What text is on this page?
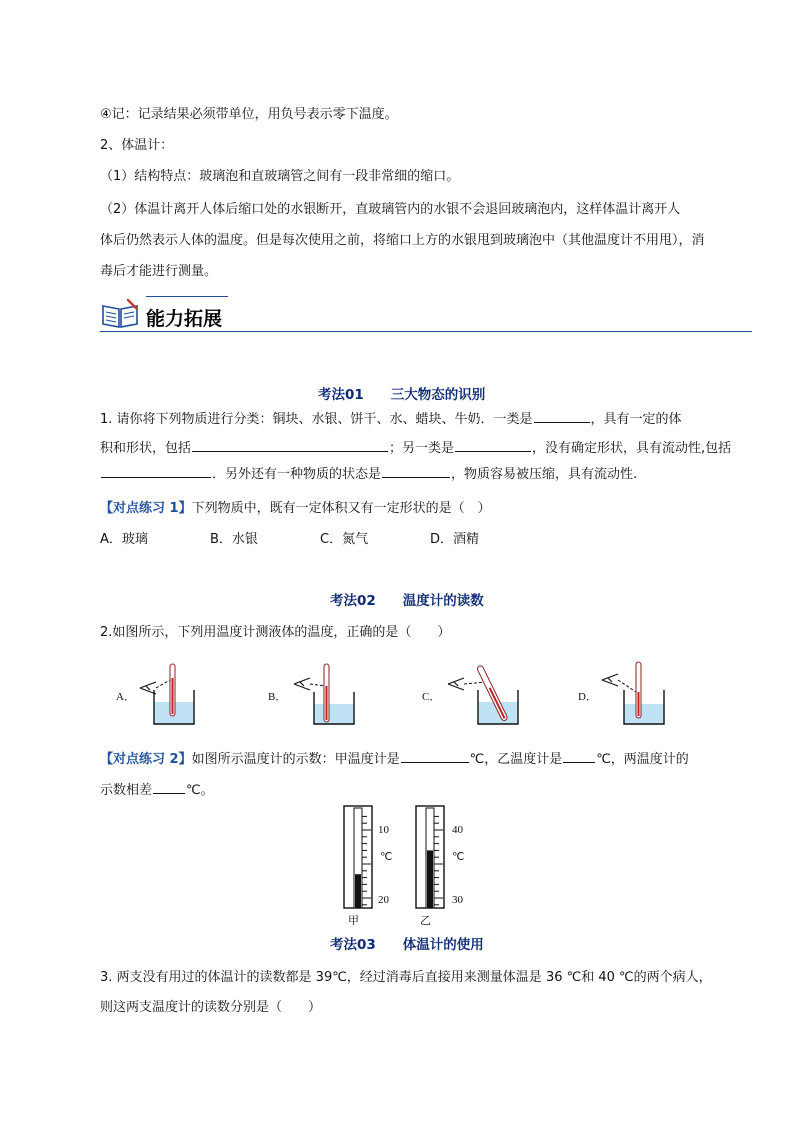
④记：记录结果必须带单位，用负号表示零下温度。
2、体温计：
（1）结构特点：玻璃泡和直玻璃管之间有一段非常细的缩口。
（2）体温计离开人体后缩口处的水银断开，直玻璃管内的水银不会退回玻璃泡内，这样体温计离开人
体后仍然表示人体的温度。但是每次使用之前，将缩口上方的水银甩到玻璃泡中（其他温度计不用甩），消
毒后才能进行测量。
能力拓展
考法01　　三大物态的识别
1. 请你将下列物质进行分类：铜块、水银、饼干、水、蜡块、牛奶．一类是	，具有一定的体
积和形状，包括	；另一类是	，没有确定形状，具有流动性,包括
．另外还有一种物质的状态是	，物质容易被压缩，具有流动性.
【对点练习 1】下列物质中，既有一定体积又有一定形状的是（　）
A．玻璃	B．水银	C．氮气	D．酒精
考法02　　温度计的读数
2.如图所示，下列用温度计测液体的温度，正确的是（　　）
A．	B．	C．	D．
【对点练习 2】如图所示温度计的示数：甲温度计是	℃，乙温度计是	℃，两温度计的
示数相差	℃。
10
℃
20
甲
40
℃
30
乙
考法03　　体温计的使用
3. 两支没有用过的体温计的读数都是 39℃，经过消毒后直接用来测量体温是 36 ℃和 40 ℃的两个病人，
则这两支温度计的读数分别是（　　）
